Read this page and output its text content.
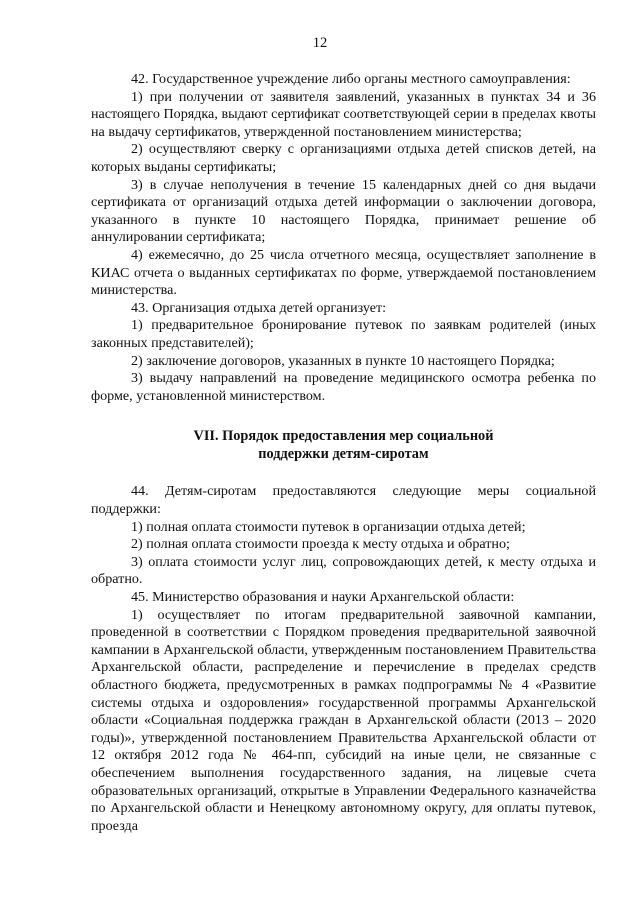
12

42. Государственное учреждение либо органы местного самоуправления:

1) при получении от заявителя заявлений, указанных в пунктах 34 и 36 настоящего Порядка, выдают сертификат соответствующей серии в пределах квоты на выдачу сертификатов, утвержденной постановлением министерства;

2) осуществляют сверку с организациями отдыха детей списков детей, на которых выданы сертификаты;

3) в случае неполучения в течение 15 календарных дней со дня выдачи сертификата от организаций отдыха детей информации о заключении договора, указанного в пункте 10 настоящего Порядка, принимает решение об аннулировании сертификата;

4) ежемесячно, до 25 числа отчетного месяца, осуществляет заполнение в КИАС отчета о выданных сертификатах по форме, утверждаемой постановлением министерства.

43. Организация отдыха детей организует:

1) предварительное бронирование путевок по заявкам родителей (иных законных представителей);

2) заключение договоров, указанных в пункте 10 настоящего Порядка;

3) выдачу направлений на проведение медицинского осмотра ребенка по форме, установленной министерством.

VII. Порядок предоставления мер социальной
поддержки детям-сиротам

44. Детям-сиротам предоставляются следующие меры социальной поддержки:

1) полная оплата стоимости путевок в организации отдыха детей;

2) полная оплата стоимости проезда к месту отдыха и обратно;

3) оплата стоимости услуг лиц, сопровождающих детей, к месту отдыха и обратно.

45. Министерство образования и науки Архангельской области:

1) осуществляет по итогам предварительной заявочной кампании, проведенной в соответствии с Порядком проведения предварительной заявочной кампании в Архангельской области, утвержденным постановлением Правительства Архангельской области, распределение и перечисление в пределах средств областного бюджета, предусмотренных в рамках подпрограммы № 4 «Развитие системы отдыха и оздоровления» государственной программы Архангельской области «Социальная поддержка граждан в Архангельской области (2013 – 2020 годы)», утвержденной постановлением Правительства Архангельской области от 12 октября 2012 года № 464-пп, субсидий на иные цели, не связанные с обеспечением выполнения государственного задания, на лицевые счета образовательных организаций, открытые в Управлении Федерального казначейства по Архангельской области и Ненецкому автономному округу, для оплаты путевок, проезда
